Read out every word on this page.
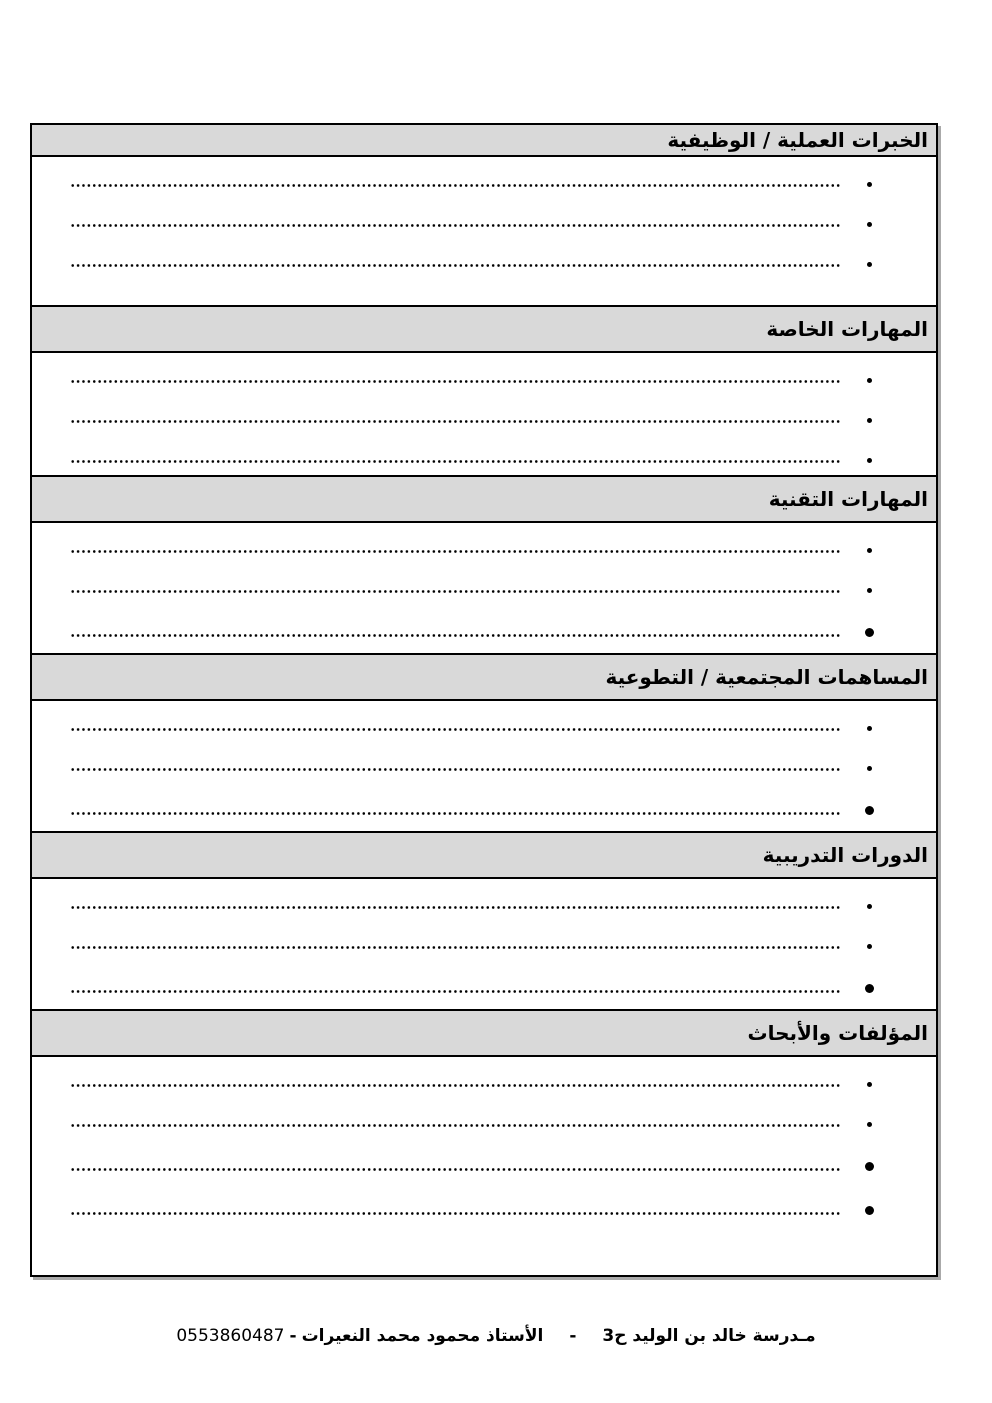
الخبرات العملية / الوظيفية
المهارات الخاصة
المهارات التقنية
المساهمات المجتمعية / التطوعية
الدورات التدريبية
المؤلفات والأبحاث
مـدرسة خالد بن الوليد ح3-الأستاذ محمود محمد النعيرات-0553860487
